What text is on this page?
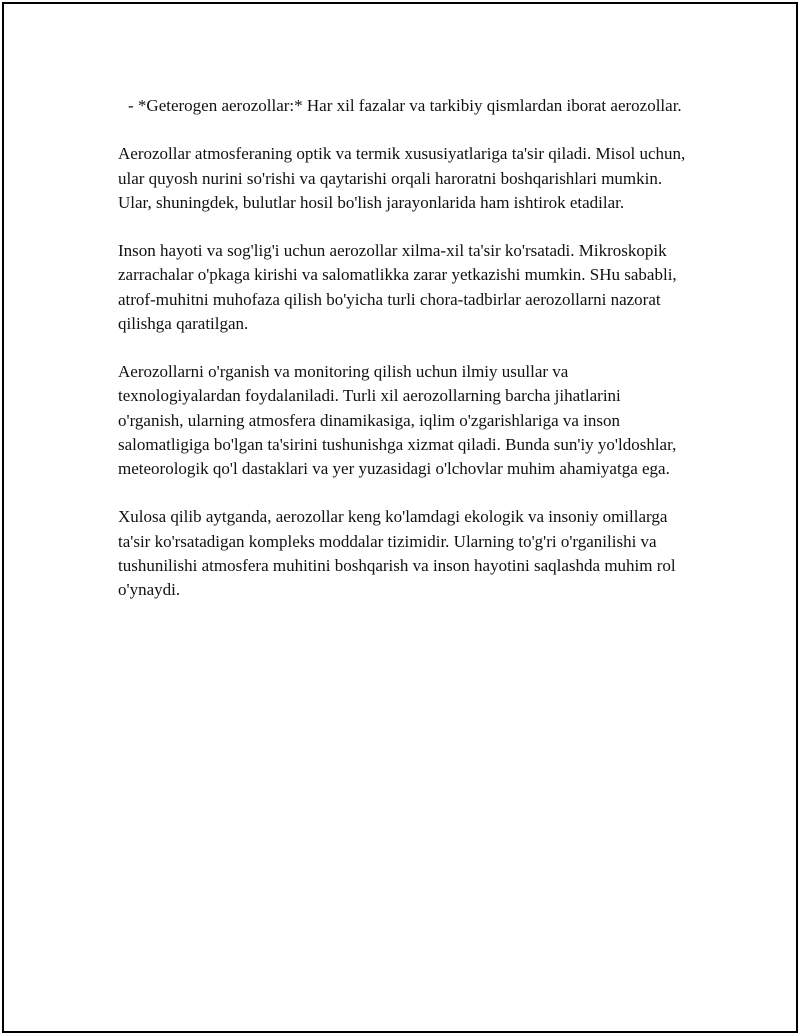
- *Geterogen aerozollar:* Har xil fazalar va tarkibiy qismlardan iborat aerozollar.

Aerozollar atmosferaning optik va termik xususiyatlariga ta'sir qiladi. Misol uchun, ular quyosh nurini so'rishi va qaytarishi orqali haroratni boshqarishlari mumkin. Ular, shuningdek, bulutlar hosil bo'lish jarayonlarida ham ishtirok etadilar.

Inson hayoti va sog'lig'i uchun aerozollar xilma-xil ta'sir ko'rsatadi. Mikroskopik zarrachalar o'pkaga kirishi va salomatlikka zarar yetkazishi mumkin. SHu sababli, atrof-muhitni muhofaza qilish bo'yicha turli chora-tadbirlar aerozollarni nazorat qilishga qaratilgan.

Aerozollarni o'rganish va monitoring qilish uchun ilmiy usullar va texnologiyalardan foydalaniladi. Turli xil aerozollarning barcha jihatlarini o'rganish, ularning atmosfera dinamikasiga, iqlim o'zgarishlariga va inson salomatligiga bo'lgan ta'sirini tushunishga xizmat qiladi. Bunda sun'iy yo'ldoshlar, meteorologik qo'l dastaklari va yer yuzasidagi o'lchovlar muhim ahamiyatga ega.

Xulosa qilib aytganda, aerozollar keng ko'lamdagi ekologik va insoniy omillarga ta'sir ko'rsatadigan kompleks moddalar tizimidir. Ularning to'g'ri o'rganilishi va tushunilishi atmosfera muhitini boshqarish va inson hayotini saqlashda muhim rol o'ynaydi.
